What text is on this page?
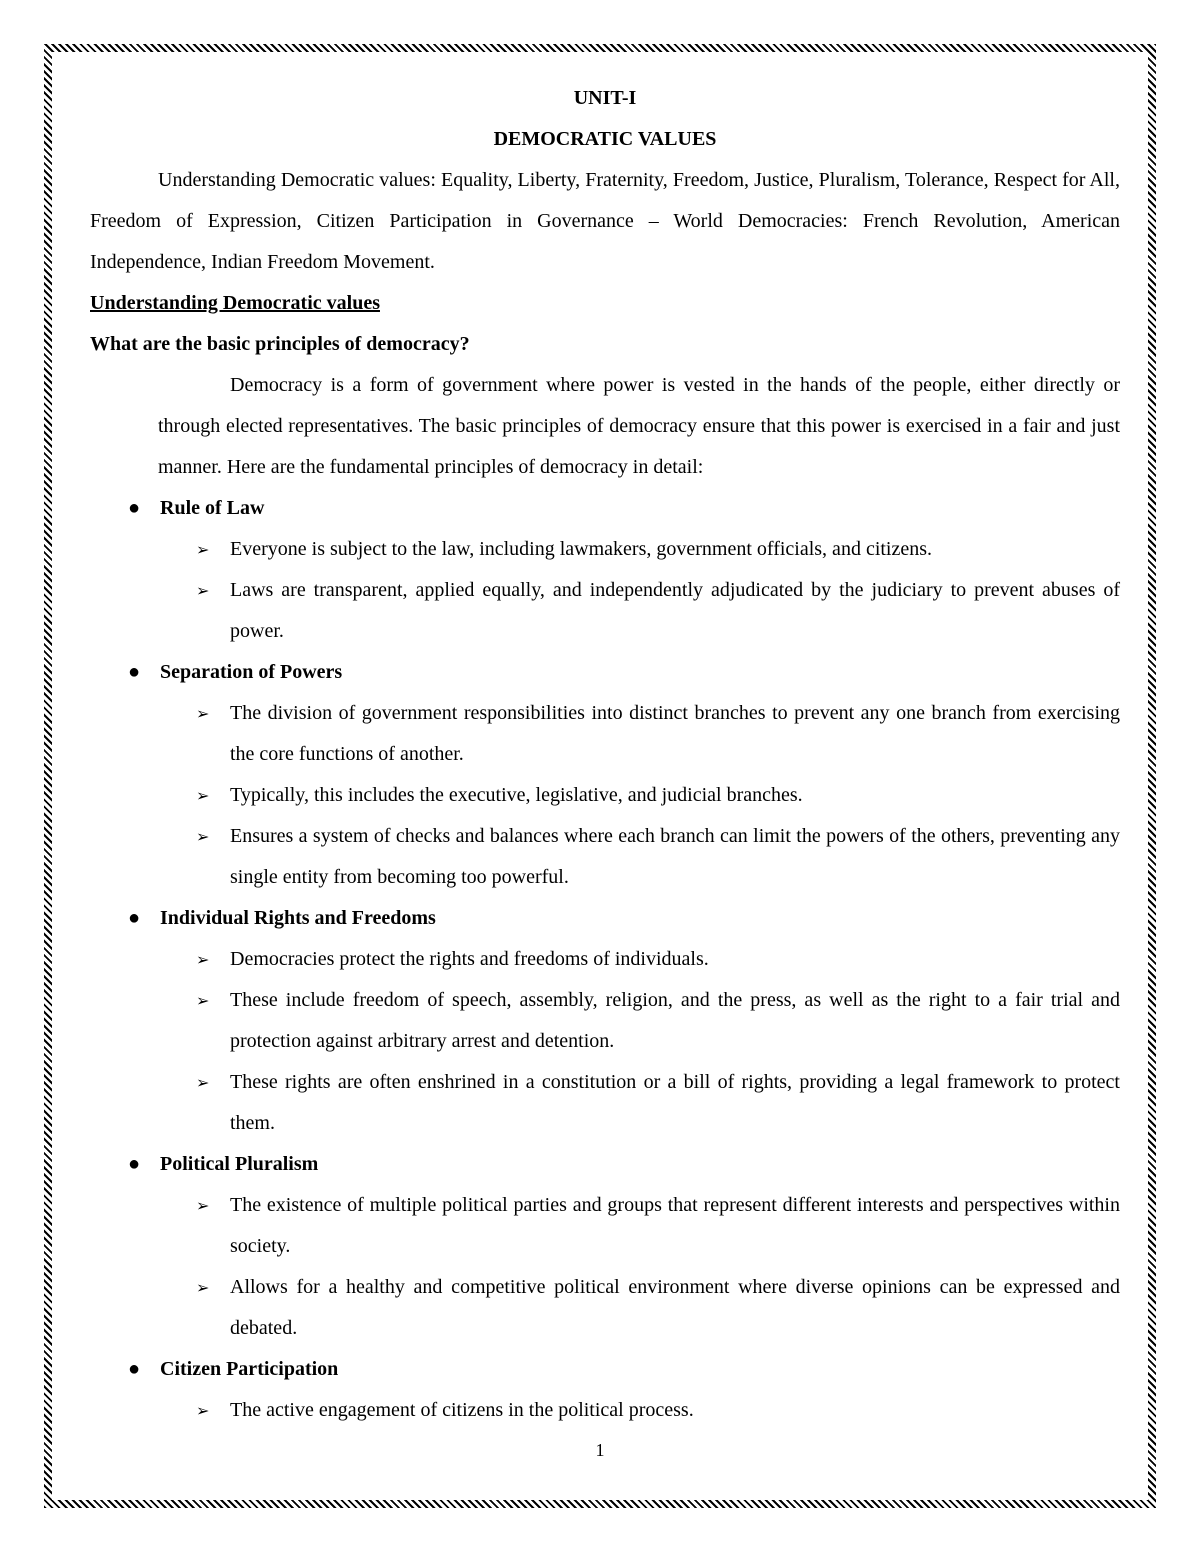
UNIT-I

DEMOCRATIC VALUES

Understanding Democratic values: Equality, Liberty, Fraternity, Freedom, Justice, Pluralism, Tolerance, Respect for All, Freedom of Expression, Citizen Participation in Governance – World Democracies: French Revolution, American Independence, Indian Freedom Movement.

Understanding Democratic values

What are the basic principles of democracy?

Democracy is a form of government where power is vested in the hands of the people, either directly or through elected representatives. The basic principles of democracy ensure that this power is exercised in a fair and just manner. Here are the fundamental principles of democracy in detail:

● Rule of Law
➢ Everyone is subject to the law, including lawmakers, government officials, and citizens.
➢ Laws are transparent, applied equally, and independently adjudicated by the judiciary to prevent abuses of power.
● Separation of Powers
➢ The division of government responsibilities into distinct branches to prevent any one branch from exercising the core functions of another.
➢ Typically, this includes the executive, legislative, and judicial branches.
➢ Ensures a system of checks and balances where each branch can limit the powers of the others, preventing any single entity from becoming too powerful.
● Individual Rights and Freedoms
➢ Democracies protect the rights and freedoms of individuals.
➢ These include freedom of speech, assembly, religion, and the press, as well as the right to a fair trial and protection against arbitrary arrest and detention.
➢ These rights are often enshrined in a constitution or a bill of rights, providing a legal framework to protect them.
● Political Pluralism
➢ The existence of multiple political parties and groups that represent different interests and perspectives within society.
➢ Allows for a healthy and competitive political environment where diverse opinions can be expressed and debated.
● Citizen Participation
➢ The active engagement of citizens in the political process.
1
